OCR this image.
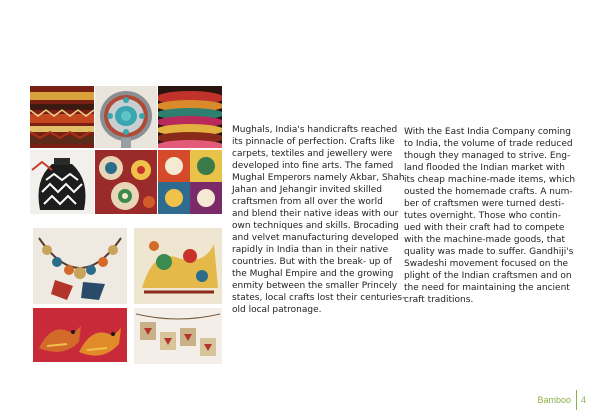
Mughals, India's handicrafts reached
its pinnacle of perfection. Crafts like
carpets, textiles and jewellery were
developed into fine arts. The famed
Mughal Emperors namely Akbar, Shah
Jahan and Jehangir invited skilled
craftsmen from all over the world
and blend their native ideas with our
own techniques and skills. Brocading
and velvet manufacturing developed
rapidly in India than in their native
countries. But with the break- up of
the Mughal Empire and the growing
enmity between the smaller Princely
states, local crafts lost their centuries-
old local patronage.
With the East India Company coming
to India, the volume of trade reduced
though they managed to strive. Eng-
land flooded the Indian market with
its cheap machine-made items, which
ousted the homemade crafts. A num-
ber of craftsmen were turned desti-
tutes overnight. Those who contin-
ued with their craft had to compete
with the machine-made goods, that
quality was made to suffer. Gandhiji's
Swadeshi movement focused on the
plight of the Indian craftsmen and on
the need for maintaining the ancient
craft traditions.
Bamboo 4
